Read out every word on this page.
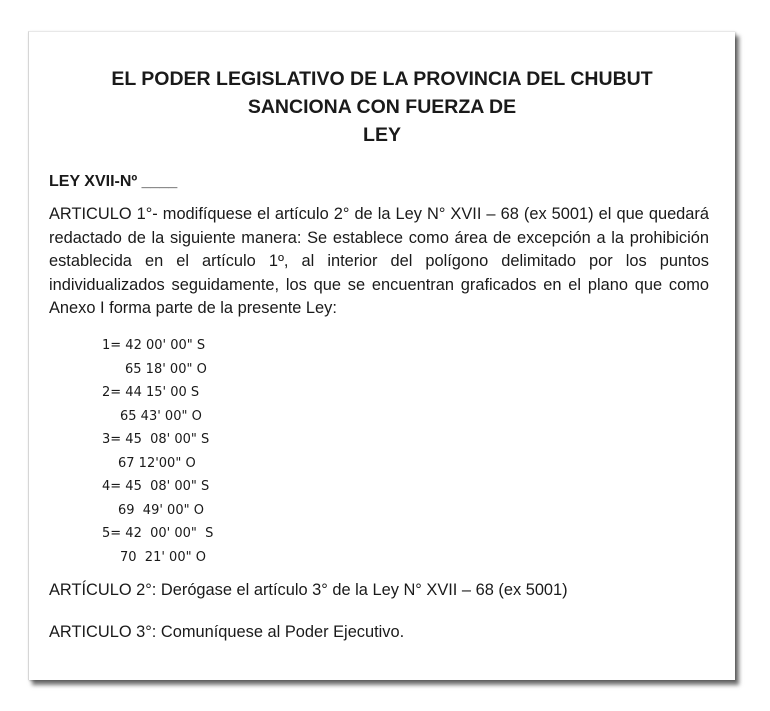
EL PODER LEGISLATIVO DE LA PROVINCIA DEL CHUBUT
SANCIONA CON FUERZA DE
LEY
LEY XVII-Nº ____

ARTICULO 1°- modifíquese el artículo 2° de la Ley N° XVII – 68 (ex 5001) el que quedará redactado de la siguiente manera: Se establece como área de excepción a la prohibición establecida en el artículo 1º, al interior del polígono delimitado por los puntos individualizados seguidamente, los que se encuentran graficados en el plano que como Anexo I forma parte de la presente Ley:

1= 42 00' 00" S
65 18' 00" O
2= 44 15' 00 S
65 43' 00" O
3= 45  08' 00" S
67 12'00" O
4= 45  08' 00" S
69  49' 00" O
5= 42  00' 00"  S
70  21' 00" O
ARTÍCULO 2°: Derógase el artículo 3° de la Ley N° XVII – 68 (ex 5001)
ARTICULO 3°: Comuníquese al Poder Ejecutivo.
